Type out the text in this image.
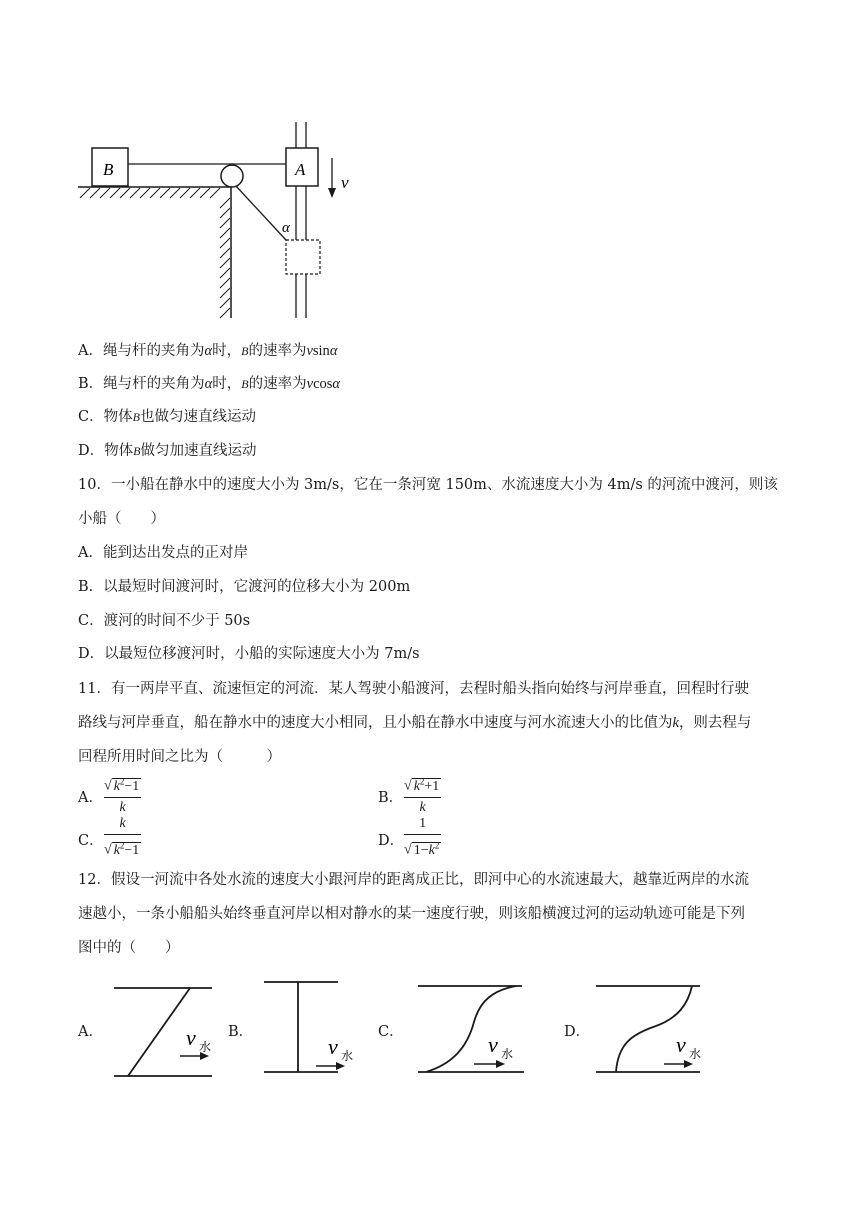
B	A
v
α
A．绳与杆的夹角为α时，B的速率为vsinα
B．绳与杆的夹角为α时，B的速率为vcosα
C．物体B也做匀速直线运动
D．物体B做匀加速直线运动
10．一小船在静水中的速度大小为 3m/s，它在一条河宽 150m、水流速度大小为 4m/s 的河流中渡河，则该
小船（　　）
A．能到达出发点的正对岸
B．以最短时间渡河时，它渡河的位移大小为 200m
C．渡河的时间不少于 50s
D．以最短位移渡河时，小船的实际速度大小为 7m/s
11．有一两岸平直、流速恒定的河流．某人驾驶小船渡河，去程时船头指向始终与河岸垂直，回程时行驶
路线与河岸垂直，船在静水中的速度大小相同，且小船在静水中速度与河水流速大小的比值为k，则去程与
回程所用时间之比为（　　　）
A．
√ $k^2-1$
k
B．
√ $k^2+1$
k
C．
k
√ $k^2-1$
D．
1
√ $1-k^2$
12．假设一河流中各处水流的速度大小跟河岸的距离成正比，即河中心的水流速最大，越靠近两岸的水流
速越小，一条小船船头始终垂直河岸以相对静水的某一速度行驶，则该船横渡过河的运动轨迹可能是下列
图中的（　　）
A．	B．	C．	D．
v 水	v 水	v 水	v 水
